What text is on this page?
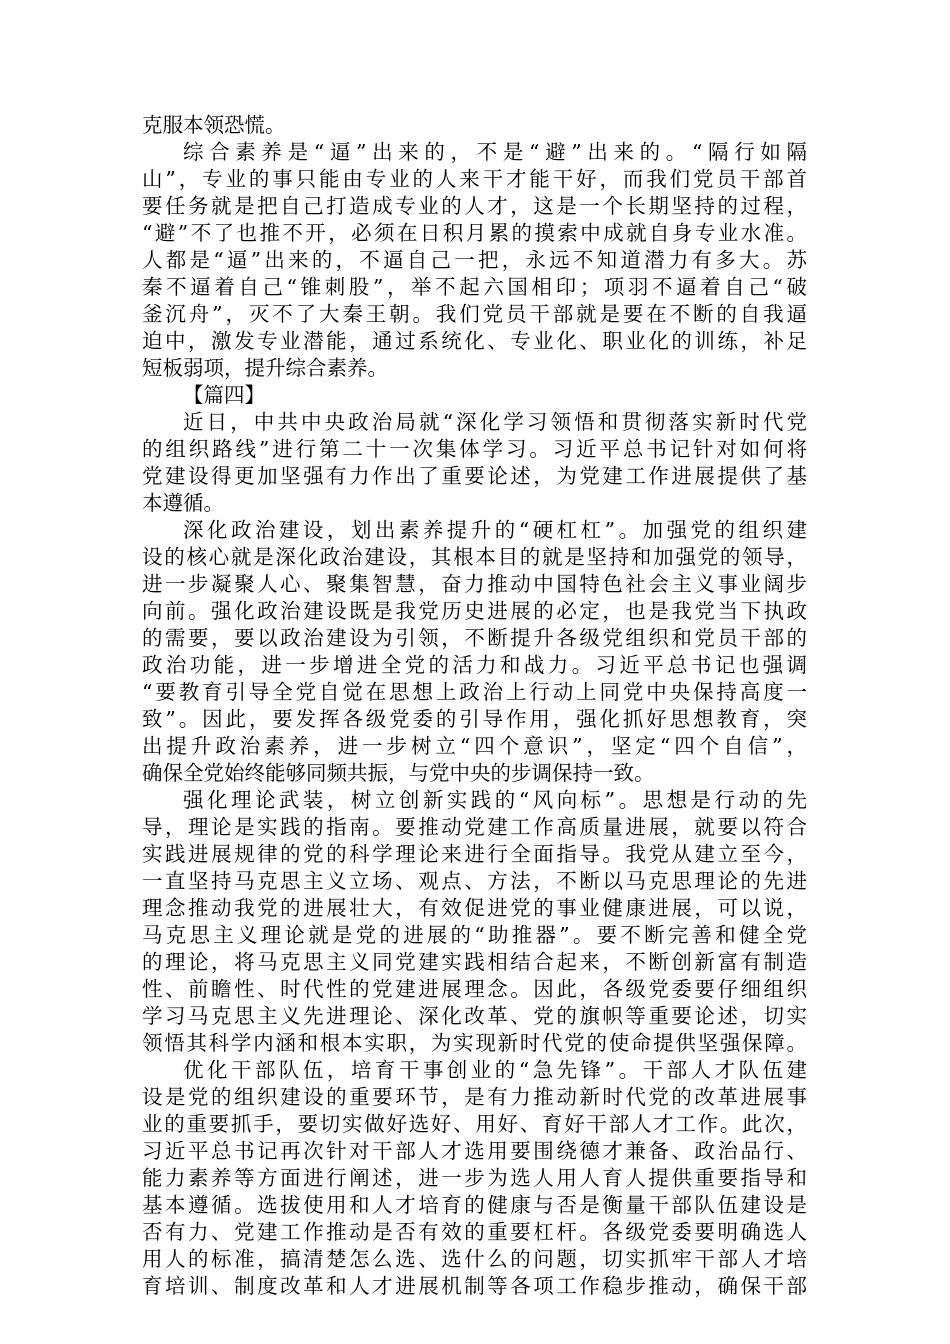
克服本领恐慌。
综合素养是“逼”出来的，不是“避”出来的。“隔行如隔
山”，专业的事只能由专业的人来干才能干好，而我们党员干部首
要任务就是把自己打造成专业的人才，这是一个长期坚持的过程，
“避”不了也推不开，必须在日积月累的摸索中成就自身专业水准。
人都是“逼”出来的，不逼自己一把，永远不知道潜力有多大。苏
秦不逼着自己“锥刺股”，举不起六国相印；项羽不逼着自己“破
釜沉舟”，灭不了大秦王朝。我们党员干部就是要在不断的自我逼
迫中，激发专业潜能，通过系统化、专业化、职业化的训练，补足
短板弱项，提升综合素养。
【篇四】
近日，中共中央政治局就“深化学习领悟和贯彻落实新时代党
的组织路线”进行第二十一次集体学习。习近平总书记针对如何将
党建设得更加坚强有力作出了重要论述，为党建工作进展提供了基
本遵循。
深化政治建设，划出素养提升的“硬杠杠”。加强党的组织建
设的核心就是深化政治建设，其根本目的就是坚持和加强党的领导，
进一步凝聚人心、聚集智慧，奋力推动中国特色社会主义事业阔步
向前。强化政治建设既是我党历史进展的必定，也是我党当下执政
的需要，要以政治建设为引领，不断提升各级党组织和党员干部的
政治功能，进一步增进全党的活力和战力。习近平总书记也强调
“要教育引导全党自觉在思想上政治上行动上同党中央保持高度一
致”。因此，要发挥各级党委的引导作用，强化抓好思想教育，突
出提升政治素养，进一步树立“四个意识”，坚定“四个自信”，
确保全党始终能够同频共振，与党中央的步调保持一致。
强化理论武装，树立创新实践的“风向标”。思想是行动的先
导，理论是实践的指南。要推动党建工作高质量进展，就要以符合
实践进展规律的党的科学理论来进行全面指导。我党从建立至今，
一直坚持马克思主义立场、观点、方法，不断以马克思理论的先进
理念推动我党的进展壮大，有效促进党的事业健康进展，可以说，
马克思主义理论就是党的进展的“助推器”。要不断完善和健全党
的理论，将马克思主义同党建实践相结合起来，不断创新富有制造
性、前瞻性、时代性的党建进展理念。因此，各级党委要仔细组织
学习马克思主义先进理论、深化改革、党的旗帜等重要论述，切实
领悟其科学内涵和根本实职，为实现新时代党的使命提供坚强保障。
优化干部队伍，培育干事创业的“急先锋”。干部人才队伍建
设是党的组织建设的重要环节，是有力推动新时代党的改革进展事
业的重要抓手，要切实做好选好、用好、育好干部人才工作。此次，
习近平总书记再次针对干部人才选用要围绕德才兼备、政治品行、
能力素养等方面进行阐述，进一步为选人用人育人提供重要指导和
基本遵循。选拔使用和人才培育的健康与否是衡量干部队伍建设是
否有力、党建工作推动是否有效的重要杠杆。各级党委要明确选人
用人的标准，搞清楚怎么选、选什么的问题，切实抓牢干部人才培
育培训、制度改革和人才进展机制等各项工作稳步推动，确保干部
